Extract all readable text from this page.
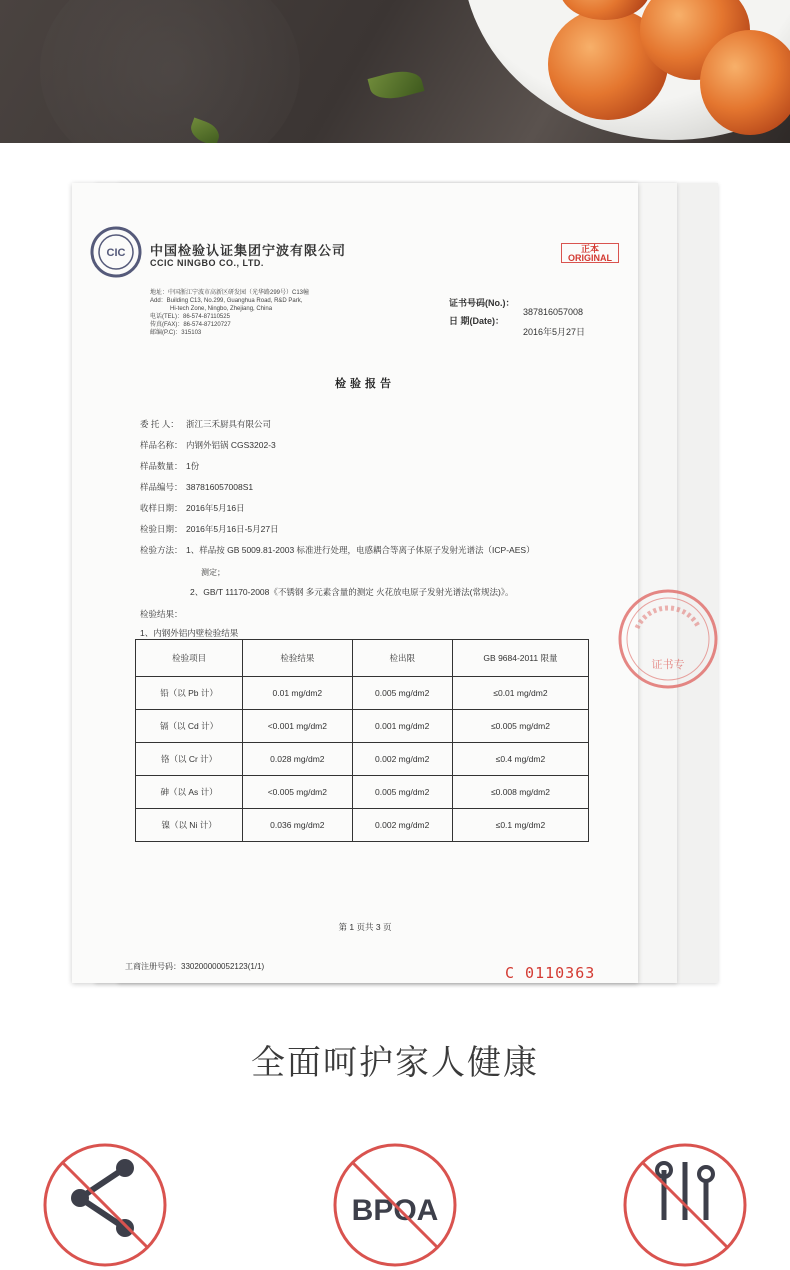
CIC 中国检验认证集团宁波有限公司
CCIC NINGBO CO., LTD.
正本
ORIGINAL
地址：中国浙江宁波市高新区研发园（光华路299号）C13幢
Add：Building C13, No.299, Guanghua Road, R&D Park,
Hi-tech Zone, Ningbo, Zhejiang, China
电话(TEL)：86-574-87110525
传真(FAX)：86-574-87120727
邮编(P.C)：315103
证书号码(No.)：
387816057008
日 期(Date)：
2016年5月27日
检验报告
委 托 人： 浙江三禾厨具有限公司
样品名称： 内钢外铝锅 CGS3202-3
样品数量： 1份
样品编号： 387816057008S1
收样日期： 2016年5月16日
检验日期： 2016年5月16日-5月27日
检验方法： 1、样品按 GB 5009.81-2003 标准进行处理，电感耦合等离子体原子发射光谱法（ICP-AES）
测定；
2、GB/T 11170-2008《不锈钢 多元素含量的测定 火花放电原子发射光谱法(常规法)》。
检验结果：
1、内钢外铝内壁检验结果
检验项目	检验结果	检出限	GB 9684-2011 限量
铅（以 Pb 计）	0.01 mg/dm2	0.005 mg/dm2	≤0.01 mg/dm2
镉（以 Cd 计）	<0.001 mg/dm2	0.001 mg/dm2	≤0.005 mg/dm2
铬（以 Cr 计）	0.028 mg/dm2	0.002 mg/dm2	≤0.4 mg/dm2
砷（以 As 计）	<0.005 mg/dm2	0.005 mg/dm2	≤0.008 mg/dm2
镍（以 Ni 计）	0.036 mg/dm2	0.002 mg/dm2	≤0.1 mg/dm2
第 1 页共 3 页
工商注册号码：330200000052123(1/1)	C 0110363
证书专
全面呵护家人健康
BPOA
